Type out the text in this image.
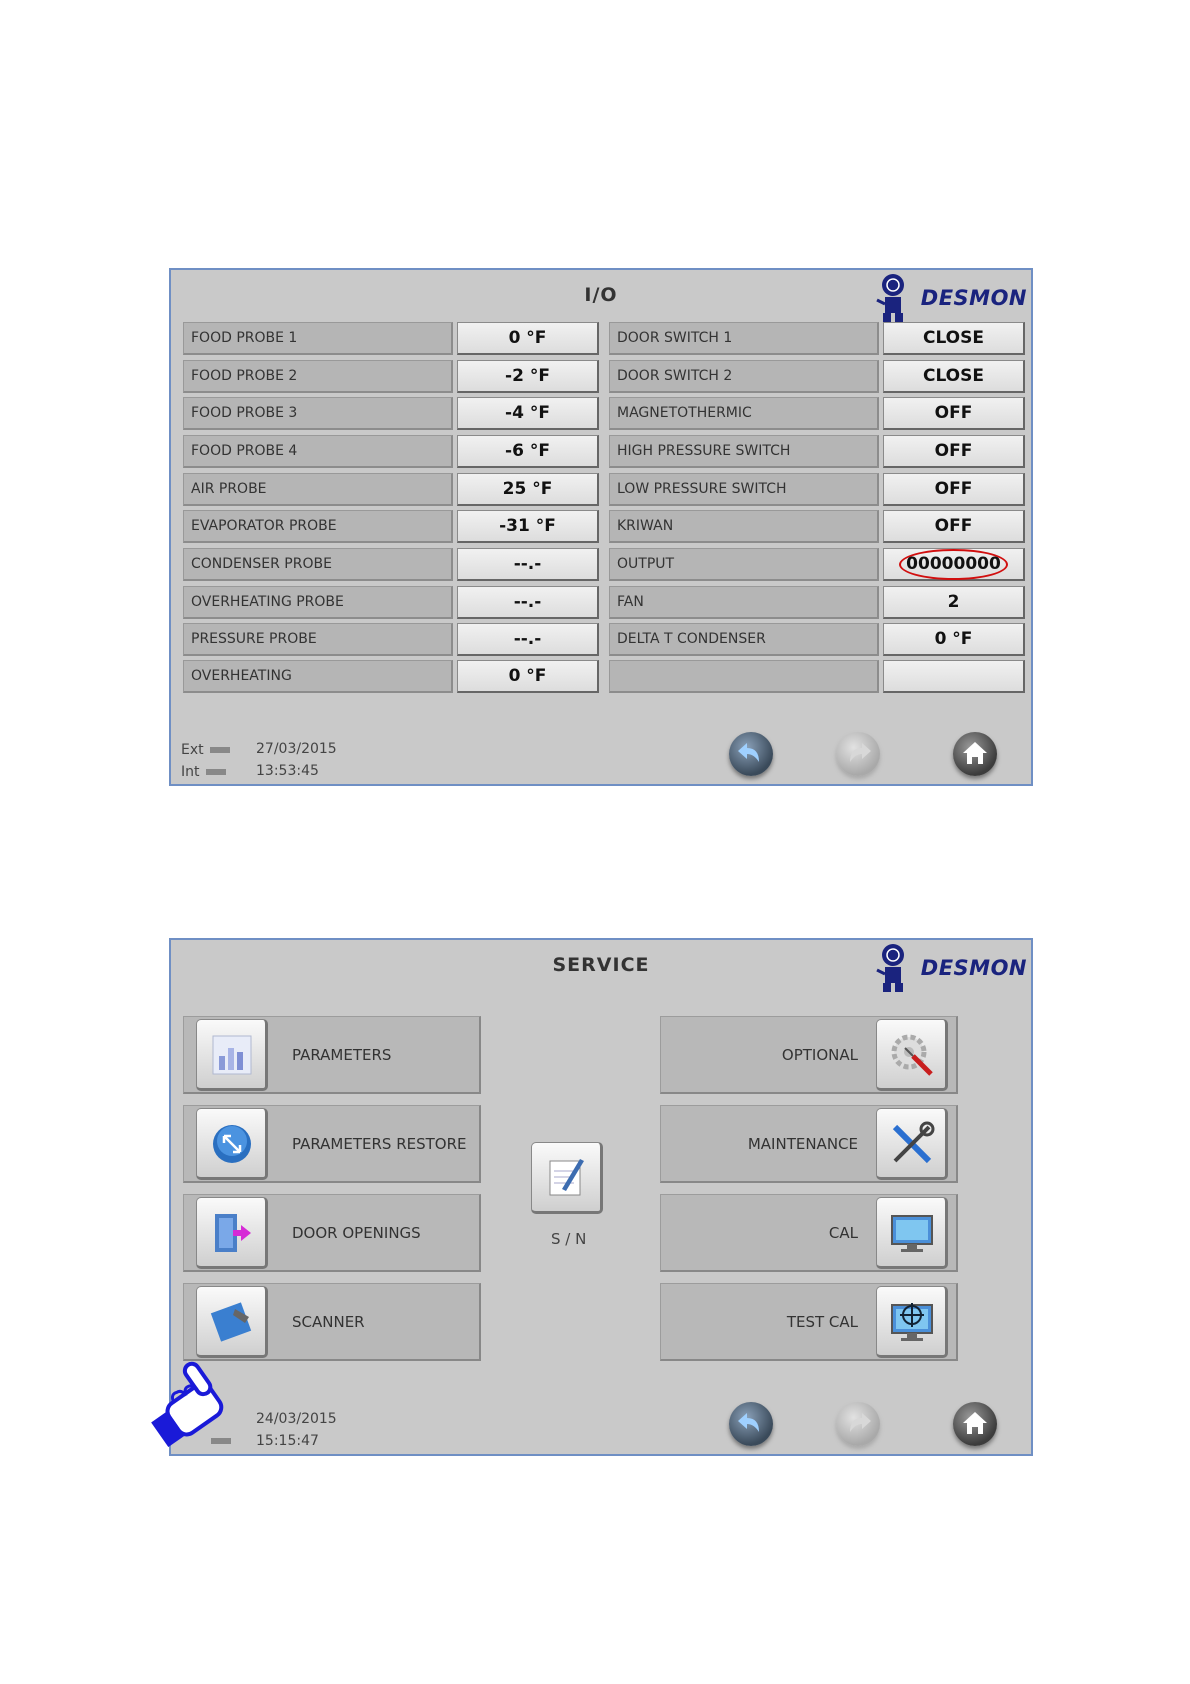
I/O	DESMON
FOOD PROBE 1	0 °F
FOOD PROBE 2	-2 °F
FOOD PROBE 3	-4 °F
FOOD PROBE 4	-6 °F
AIR PROBE	25 °F
EVAPORATOR PROBE	-31 °F
CONDENSER PROBE	--.-
OVERHEATING PROBE	--.-
PRESSURE PROBE	--.-
OVERHEATING	0 °F
DOOR SWITCH 1	CLOSE
DOOR SWITCH 2	CLOSE
MAGNETOTHERMIC	OFF
HIGH PRESSURE SWITCH	OFF
LOW PRESSURE SWITCH	OFF
KRIWAN	OFF
OUTPUT	00000000
FAN	2
DELTA T CONDENSER	0 °F
Ext
Int
27/03/2015
13:53:45
SERVICE	DESMON
PARAMETERS
PARAMETERS RESTORE
DOOR OPENINGS
SCANNER
S / N
OPTIONAL
MAINTENANCE
CAL
TEST CAL
24/03/2015
15:15:47
